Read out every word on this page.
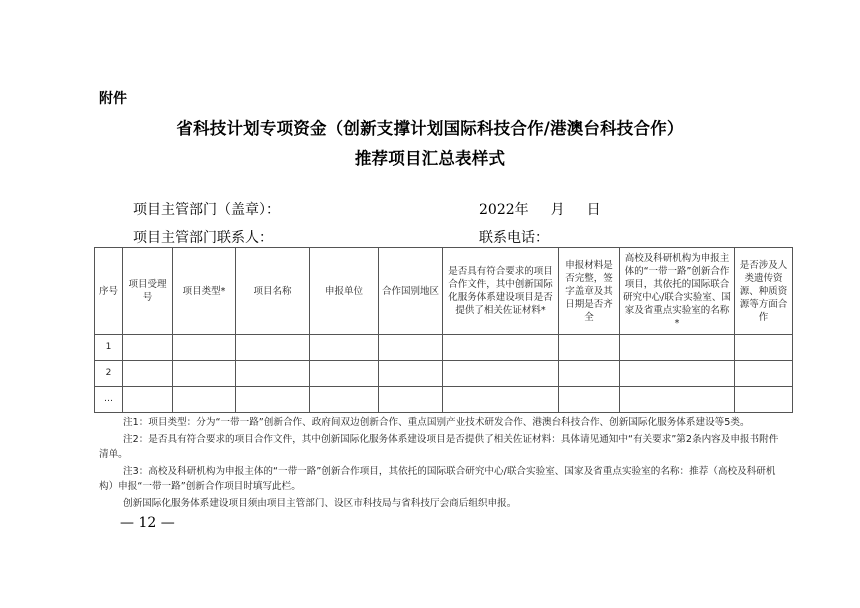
附件
省科技计划专项资金（创新支撑计划国际科技合作/港澳台科技合作）
推荐项目汇总表样式
项目主管部门（盖章）：	2022年 月 日
项目主管部门联系人：	联系电话：
序号	项目受理号	项目类型*	项目名称	申报单位	合作国别地区	是否具有符合要求的项目合作文件，其中创新国际化服务体系建设项目是否提供了相关佐证材料*	申报材料是否完整，签字盖章及其日期是否齐全	高校及科研机构为申报主体的“一带一路”创新合作项目，其依托的国际联合研究中心/联合实验室、国家及省重点实验室的名称*	是否涉及人类遗传资源、种质资源等方面合作

1									
2									
…									

注1：项目类型：分为“一带一路”创新合作、政府间双边创新合作、重点国别产业技术研发合作、港澳台科技合作、创新国际化服务体系建设等5类。

注2：是否具有符合要求的项目合作文件，其中创新国际化服务体系建设项目是否提供了相关佐证材料：具体请见通知中“有关要求”第2条内容及申报书附件清单。

注3：高校及科研机构为申报主体的“一带一路”创新合作项目，其依托的国际联合研究中心/联合实验室、国家及省重点实验室的名称：推荐（高校及科研机构）申报“一带一路”创新合作项目时填写此栏。

创新国际化服务体系建设项目须由项目主管部门、设区市科技局与省科技厅会商后组织申报。

— 12 —
